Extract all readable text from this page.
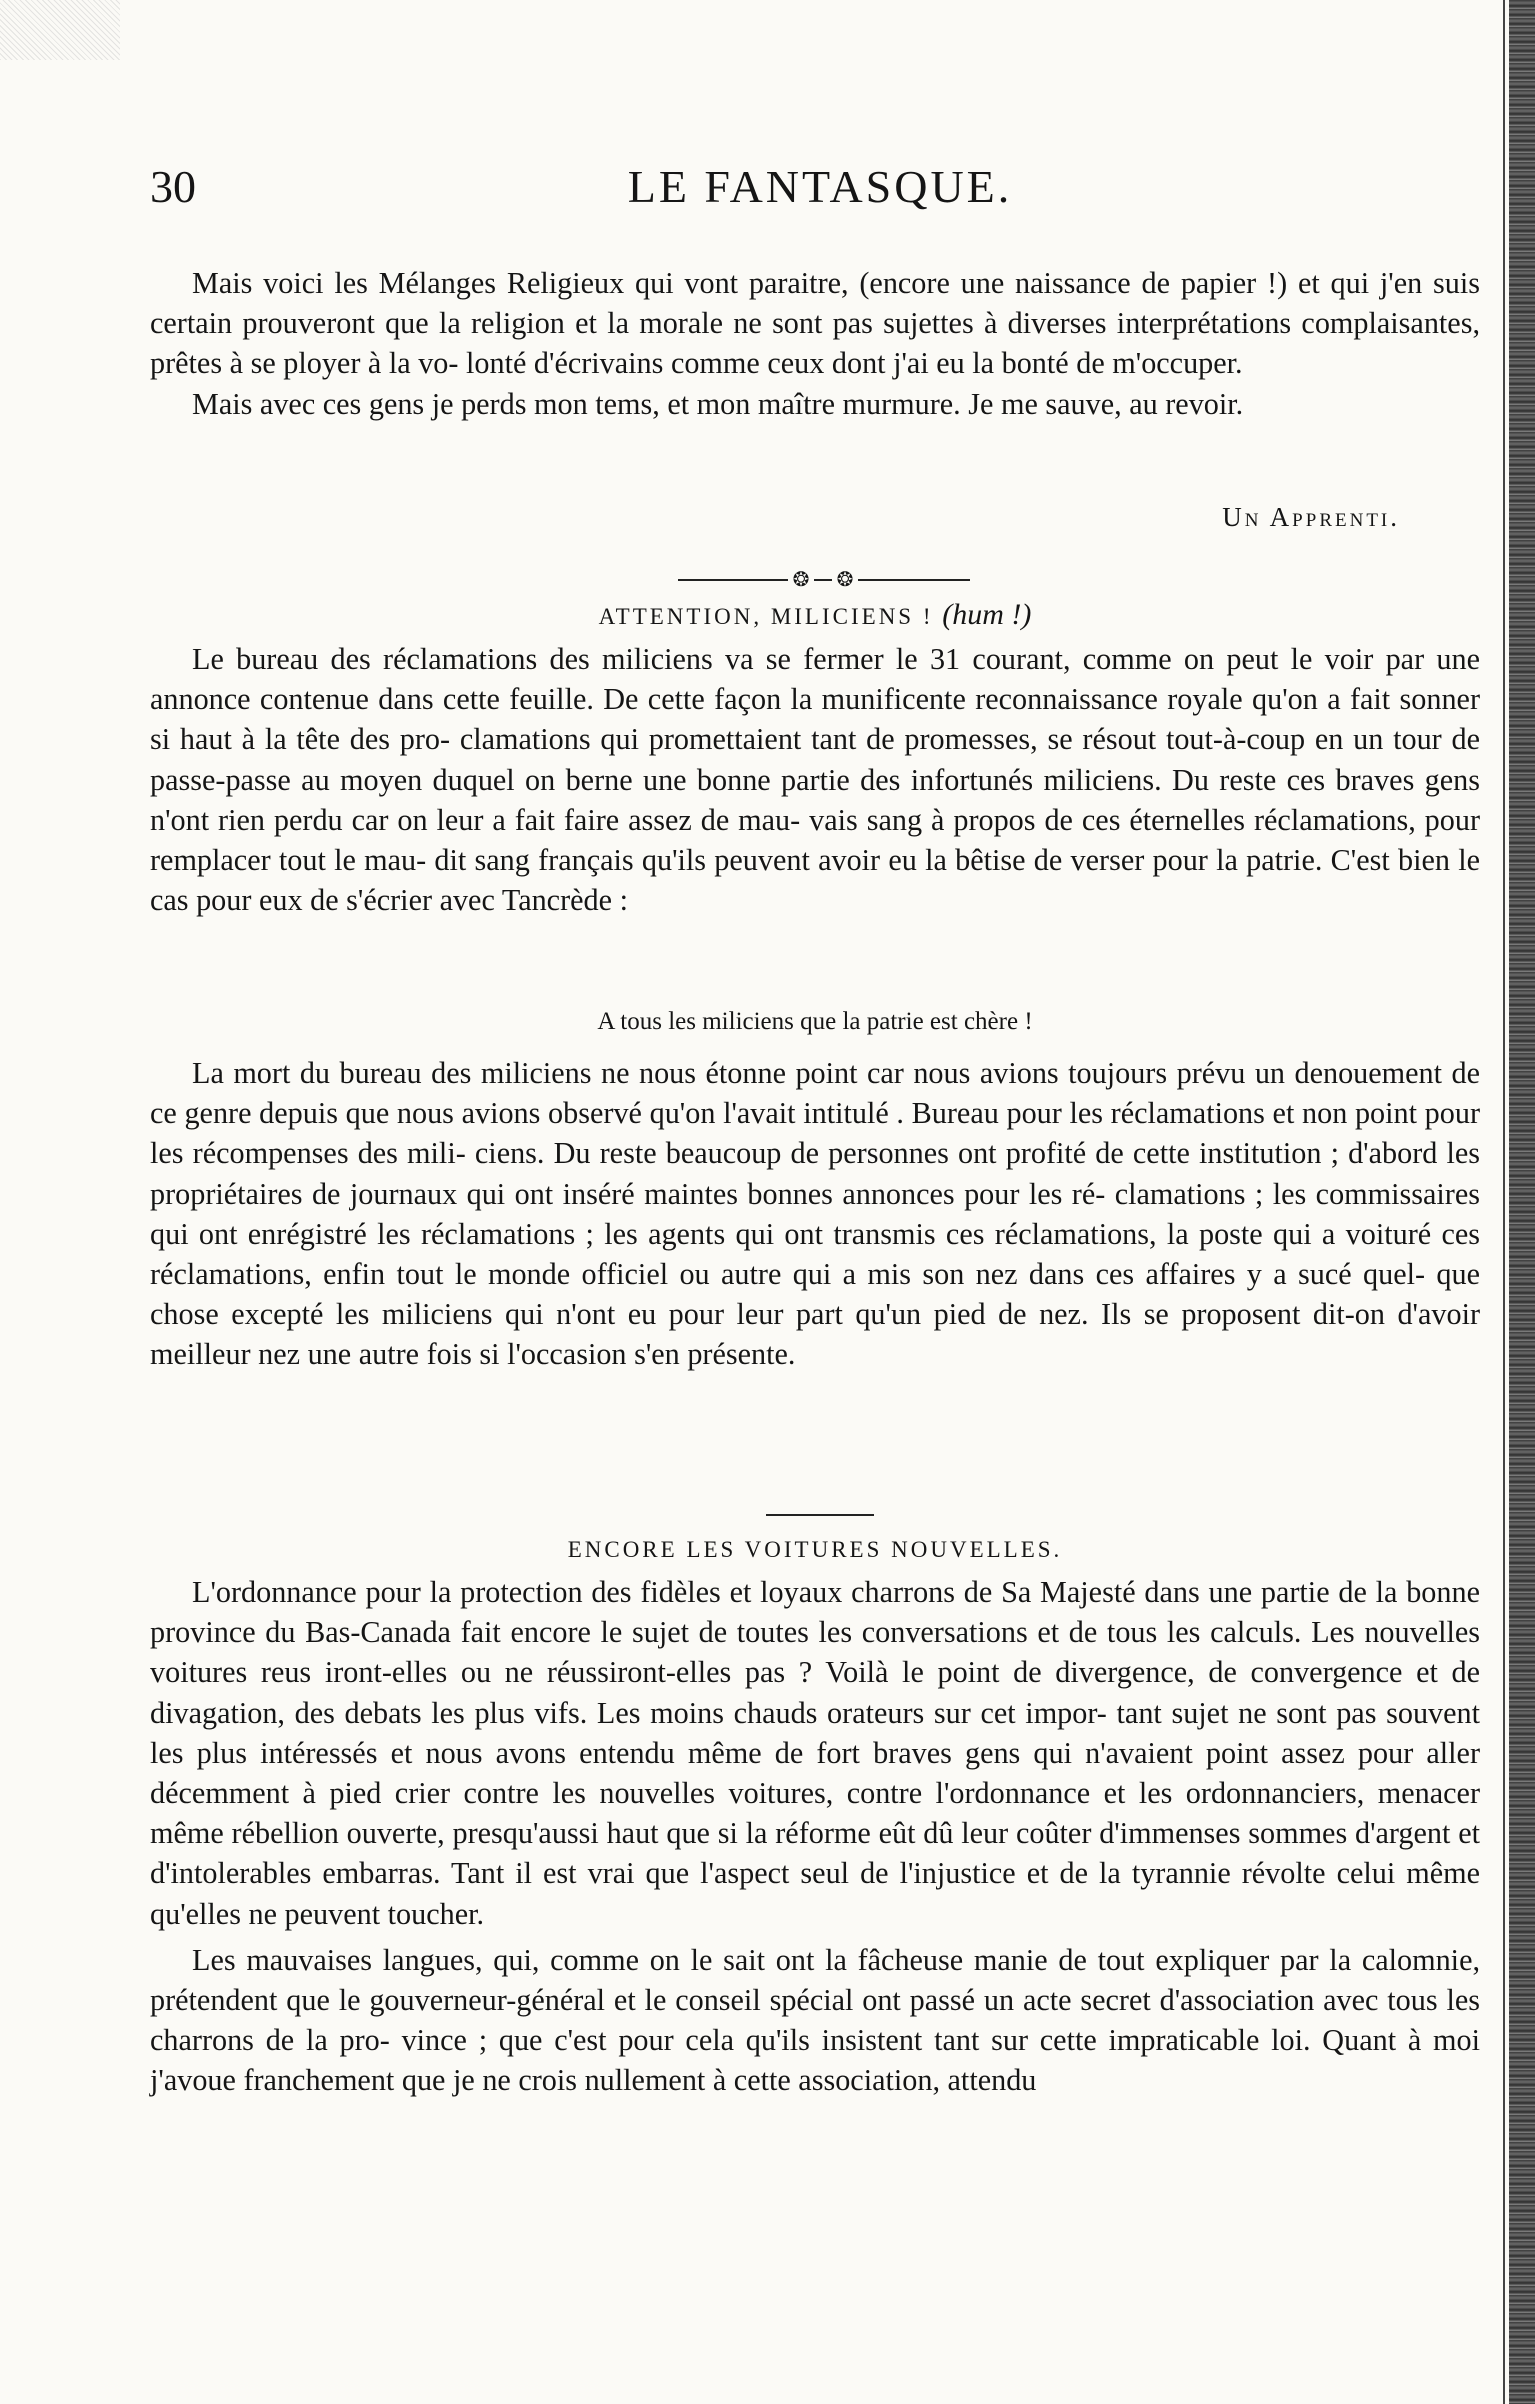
30	LE FANTASQUE.

Mais voici les Mélanges Religieux qui vont paraitre, (encore une naissance de papier !) et qui j'en suis certain prouveront que la religion et la morale ne sont pas sujettes à diverses interprétations complaisantes, prêtes à se ployer à la vo- lonté d'écrivains comme ceux dont j'ai eu la bonté de m'occuper.

Mais avec ces gens je perds mon tems, et mon maître murmure. Je me sauve, au revoir.

Un Apprenti.
❂ ❂
ATTENTION, MILICIENS ! (hum !)

Le bureau des réclamations des miliciens va se fermer le 31 courant, comme on peut le voir par une annonce contenue dans cette feuille. De cette façon la munificente reconnaissance royale qu'on a fait sonner si haut à la tête des pro- clamations qui promettaient tant de promesses, se résout tout-à-coup en un tour de passe-passe au moyen duquel on berne une bonne partie des infortunés miliciens. Du reste ces braves gens n'ont rien perdu car on leur a fait faire assez de mau- vais sang à propos de ces éternelles réclamations, pour remplacer tout le mau- dit sang français qu'ils peuvent avoir eu la bêtise de verser pour la patrie. C'est bien le cas pour eux de s'écrier avec Tancrède :

A tous les miliciens que la patrie est chère !

La mort du bureau des miliciens ne nous étonne point car nous avions toujours prévu un denouement de ce genre depuis que nous avions observé qu'on l'avait intitulé . Bureau pour les réclamations et non point pour les récompenses des mili- ciens. Du reste beaucoup de personnes ont profité de cette institution ; d'abord les propriétaires de journaux qui ont inséré maintes bonnes annonces pour les ré- clamations ; les commissaires qui ont enrégistré les réclamations ; les agents qui ont transmis ces réclamations, la poste qui a voituré ces réclamations, enfin tout le monde officiel ou autre qui a mis son nez dans ces affaires y a sucé quel- que chose excepté les miliciens qui n'ont eu pour leur part qu'un pied de nez. Ils se proposent dit-on d'avoir meilleur nez une autre fois si l'occasion s'en présente.

ENCORE LES VOITURES NOUVELLES.

L'ordonnance pour la protection des fidèles et loyaux charrons de Sa Majesté dans une partie de la bonne province du Bas-Canada fait encore le sujet de toutes les conversations et de tous les calculs. Les nouvelles voitures reus iront-elles ou ne réussiront-elles pas ? Voilà le point de divergence, de convergence et de divagation, des debats les plus vifs. Les moins chauds orateurs sur cet impor- tant sujet ne sont pas souvent les plus intéressés et nous avons entendu même de fort braves gens qui n'avaient point assez pour aller décemment à pied crier contre les nouvelles voitures, contre l'ordonnance et les ordonnanciers, menacer même rébellion ouverte, presqu'aussi haut que si la réforme eût dû leur coûter d'immenses sommes d'argent et d'intolerables embarras. Tant il est vrai que l'aspect seul de l'injustice et de la tyrannie révolte celui même qu'elles ne peuvent toucher.

Les mauvaises langues, qui, comme on le sait ont la fâcheuse manie de tout expliquer par la calomnie, prétendent que le gouverneur-général et le conseil spécial ont passé un acte secret d'association avec tous les charrons de la pro- vince ; que c'est pour cela qu'ils insistent tant sur cette impraticable loi. Quant à moi j'avoue franchement que je ne crois nullement à cette association, attendu
